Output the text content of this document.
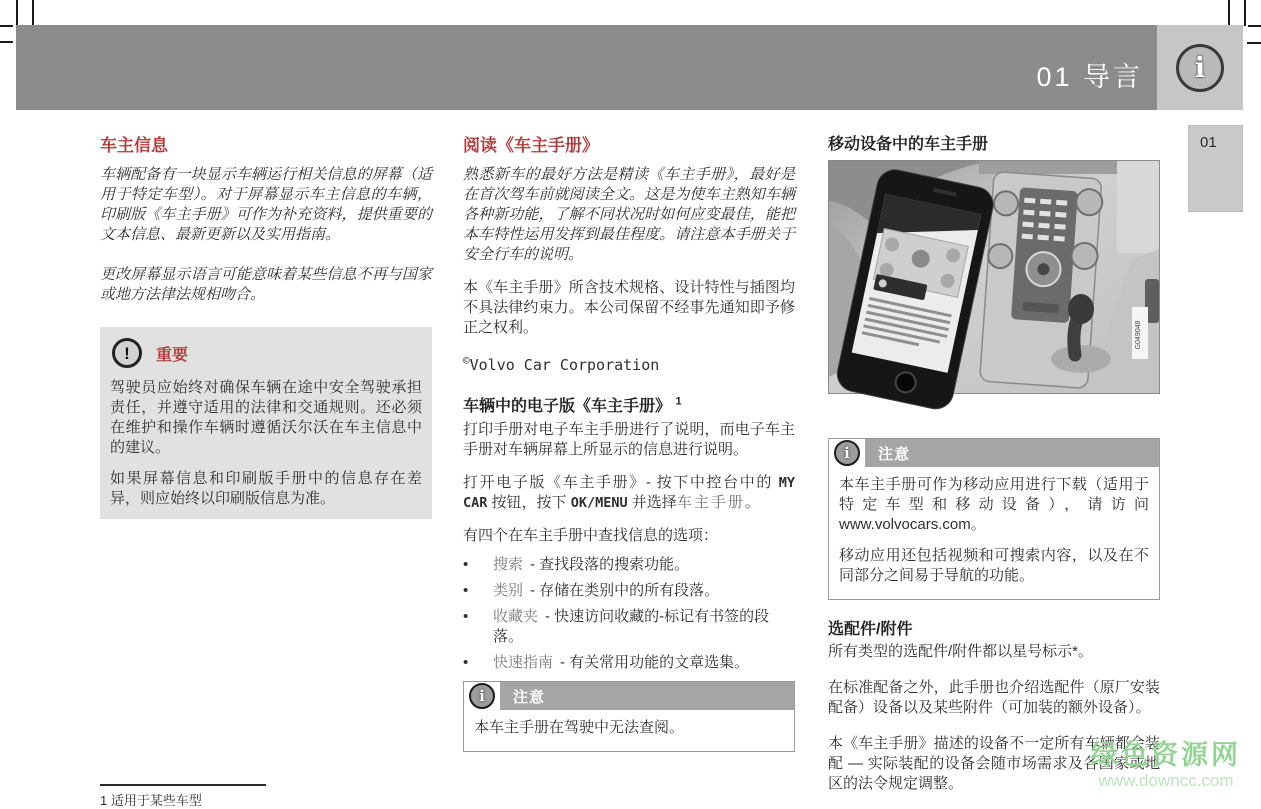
01 导言	i
01
车主信息

车辆配备有一块显示车辆运行相关信息的屏幕（适用于特定车型）。对于屏幕显示车主信息的车辆，印刷版《车主手册》可作为补充资料，提供重要的文本信息、最新更新以及实用指南。

更改屏幕显示语言可能意味着某些信息不再与国家或地方法律法规相吻合。

!	重要

驾驶员应始终对确保车辆在途中安全驾驶承担责任，并遵守适用的法律和交通规则。还必须在维护和操作车辆时遵循沃尔沃在车主信息中的建议。

如果屏幕信息和印刷版手册中的信息存在差异，则应始终以印刷版信息为准。

阅读《车主手册》

熟悉新车的最好方法是精读《车主手册》，最好是在首次驾车前就阅读全文。这是为使车主熟知车辆各种新功能，了解不同状况时如何应变最佳，能把本车特性运用发挥到最佳程度。请注意本手册关于安全行车的说明。

本《车主手册》所含技术规格、设计特性与插图均不具法律约束力。本公司保留不经事先通知即予修正之权利。

©Volvo Car Corporation

车辆中的电子版《车主手册》 $^1$

打印手册对电子车主手册进行了说明，而电子车主手册对车辆屏幕上所显示的信息进行说明。

打开电子版《车主手册》- 按下中控台中的 MY CAR 按钮，按下 OK/MENU 并选择车主手册。

有四个在车主手册中查找信息的选项：

•
搜索 - 查找段落的搜索功能。
•
类别 - 存储在类别中的所有段落。
•
收藏夹 - 快速访问收藏的-标记有书签的段落。
•
快速指南 - 有关常用功能的文章选集。
i	注意

本车主手册在驾驶中无法查阅。

移动设备中的车主手册
G049048
i	注意

本车主手册可作为移动应用进行下载（适用于特定车型和移动设备），请访问 www.volvocars.com。

移动应用还包括视频和可搜索内容，以及在不同部分之间易于导航的功能。

选配件/附件

所有类型的选配件/附件都以星号标示*。

在标准配备之外，此手册也介绍选配件（原厂安装配备）设备以及某些附件（可加装的额外设备）。

本《车主手册》描述的设备不一定所有车辆都会装配 — 实际装配的设备会随市场需求及各国家或地区的法令规定调整。

1 适用于某些车型
绿色资源网
www.downcc.com
